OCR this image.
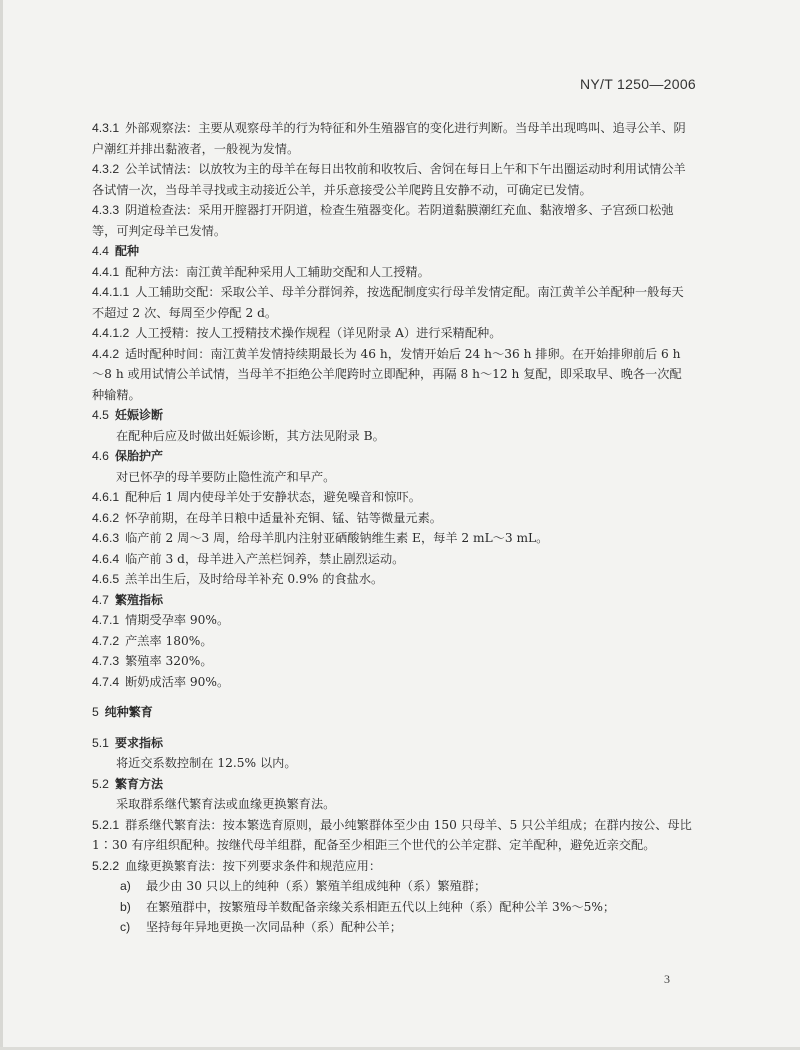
NY/T 1250—2006

4.3.1 外部观察法：主要从观察母羊的行为特征和外生殖器官的变化进行判断。当母羊出现鸣叫、追寻公羊、阴户潮红并排出黏液者，一般视为发情。

4.3.2 公羊试情法：以放牧为主的母羊在每日出牧前和收牧后、舍饲在每日上午和下午出圈运动时利用试情公羊各试情一次，当母羊寻找或主动接近公羊，并乐意接受公羊爬跨且安静不动，可确定已发情。

4.3.3 阴道检查法：采用开膣器打开阴道，检查生殖器变化。若阴道黏膜潮红充血、黏液增多、子宫颈口松弛等，可判定母羊已发情。

4.4 配种

4.4.1 配种方法：南江黄羊配种采用人工辅助交配和人工授精。

4.4.1.1 人工辅助交配：采取公羊、母羊分群饲养，按选配制度实行母羊发情定配。南江黄羊公羊配种一般每天不超过 2 次、每周至少停配 2 d。

4.4.1.2 人工授精：按人工授精技术操作规程（详见附录 A）进行采精配种。

4.4.2 适时配种时间：南江黄羊发情持续期最长为 46 h，发情开始后 24 h～36 h 排卵。在开始排卵前后 6 h～8 h 或用试情公羊试情，当母羊不拒绝公羊爬跨时立即配种，再隔 8 h～12 h 复配，即采取早、晚各一次配种输精。

4.5 妊娠诊断

在配种后应及时做出妊娠诊断，其方法见附录 B。

4.6 保胎护产

对已怀孕的母羊要防止隐性流产和早产。

4.6.1 配种后 1 周内使母羊处于安静状态，避免噪音和惊吓。

4.6.2 怀孕前期，在母羊日粮中适量补充铜、锰、钴等微量元素。

4.6.3 临产前 2 周～3 周，给母羊肌内注射亚硒酸钠维生素 E，每羊 2 mL～3 mL。

4.6.4 临产前 3 d，母羊进入产羔栏饲养，禁止剧烈运动。

4.6.5 羔羊出生后，及时给母羊补充 0.9% 的食盐水。

4.7 繁殖指标

4.7.1 情期受孕率 90%。

4.7.2 产羔率 180%。

4.7.3 繁殖率 320%。

4.7.4 断奶成活率 90%。

5 纯种繁育

5.1 要求指标

将近交系数控制在 12.5% 以内。

5.2 繁育方法

采取群系继代繁育法或血缘更换繁育法。

5.2.1 群系继代繁育法：按本繁选育原则，最小纯繁群体至少由 150 只母羊、5 只公羊组成；在群内按公、母比 1∶30 有序组织配种。按继代母羊组群，配备至少相距三个世代的公羊定群、定羊配种，避免近亲交配。

5.2.2 血缘更换繁育法：按下列要求条件和规范应用：

a)	最少由 30 只以上的纯种（系）繁殖羊组成纯种（系）繁殖群；

b)	在繁殖群中，按繁殖母羊数配备亲缘关系相距五代以上纯种（系）配种公羊 3%～5%；

c)	坚持每年异地更换一次同品种（系）配种公羊；

3
